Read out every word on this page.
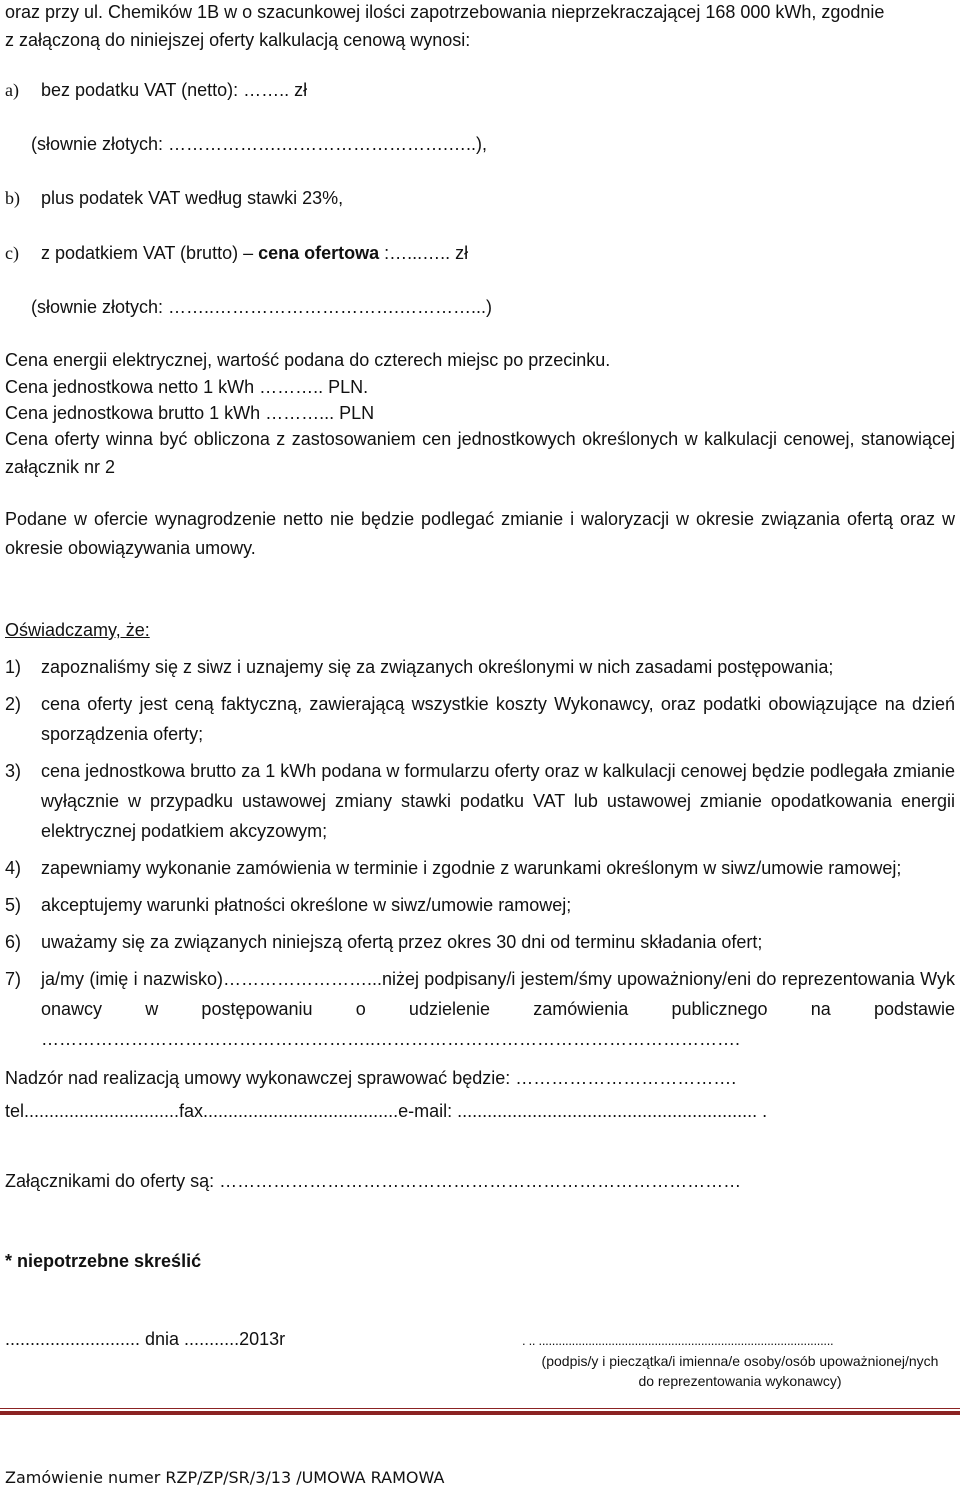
oraz przy ul. Chemików 1B w o szacunkowej ilości zapotrzebowania nieprzekraczającej 168 000 kWh, zgodnie
z załączoną do niniejszej oferty kalkulacją cenową wynosi:
a) bez podatku VAT (netto): …….. zł
(słownie złotych: ……………….……………………….…..),
b) plus podatek VAT według stawki 23%,
c) z podatkiem VAT (brutto) – cena ofertowa :…...….. zł
(słownie złotych: ……..………………………….…………...)
Cena energii elektrycznej, wartość podana do czterech miejsc po przecinku.
Cena jednostkowa netto 1 kWh ……….. PLN.
Cena jednostkowa brutto 1 kWh ………... PLN
Cena oferty winna być obliczona z zastosowaniem cen jednostkowych określonych w kalkulacji cenowej, stanowiącej załącznik nr 2
Podane w ofercie wynagrodzenie netto nie będzie podlegać zmianie i waloryzacji w okresie związania ofertą oraz w okresie obowiązywania umowy.
Oświadczamy, że:
1) zapoznaliśmy się z siwz i uznajemy się za związanych określonymi w nich zasadami postępowania;
2) cena oferty jest ceną faktyczną, zawierającą wszystkie koszty Wykonawcy, oraz podatki obowiązujące na dzień sporządzenia oferty;
3) cena jednostkowa brutto za 1 kWh podana w formularzu oferty oraz w kalkulacji cenowej będzie podlegała zmianie wyłącznie w przypadku ustawowej zmiany stawki podatku VAT lub ustawowej zmianie opodatkowania energii elektrycznej podatkiem akcyzowym;
4) zapewniamy wykonanie zamówienia w terminie i zgodnie z warunkami określonym w siwz/umowie ramowej;
5) akceptujemy warunki płatności określone w siwz/umowie ramowej;
6) uważamy się za związanych niniejszą ofertą przez okres 30 dni od terminu składania ofert;
7) ja/my (imię i nazwisko)……………………...niżej podpisany/i jestem/śmy upoważniony/eni do reprezentowania Wykonawcy w postępowaniu o udzielenie zamówienia publicznego na podstawie ………………………………………………..…………………………………………………….
Nadzór nad realizacją umowy wykonawczej sprawować będzie: ……………………………….
tel...............................fax.......................................e-mail: ............................................................ .
Załącznikami do oferty są: ……………………………………………………………………………
* niepotrzebne skreślić
........................... dnia ...........2013r	. .. .........................................................................................
(podpis/y i pieczątka/i imienna/e osoby/osób upoważnionej/nych
do reprezentowania wykonawcy)
Zamówienie numer RZP/ZP/SR/3/13 /UMOWA RAMOWA
